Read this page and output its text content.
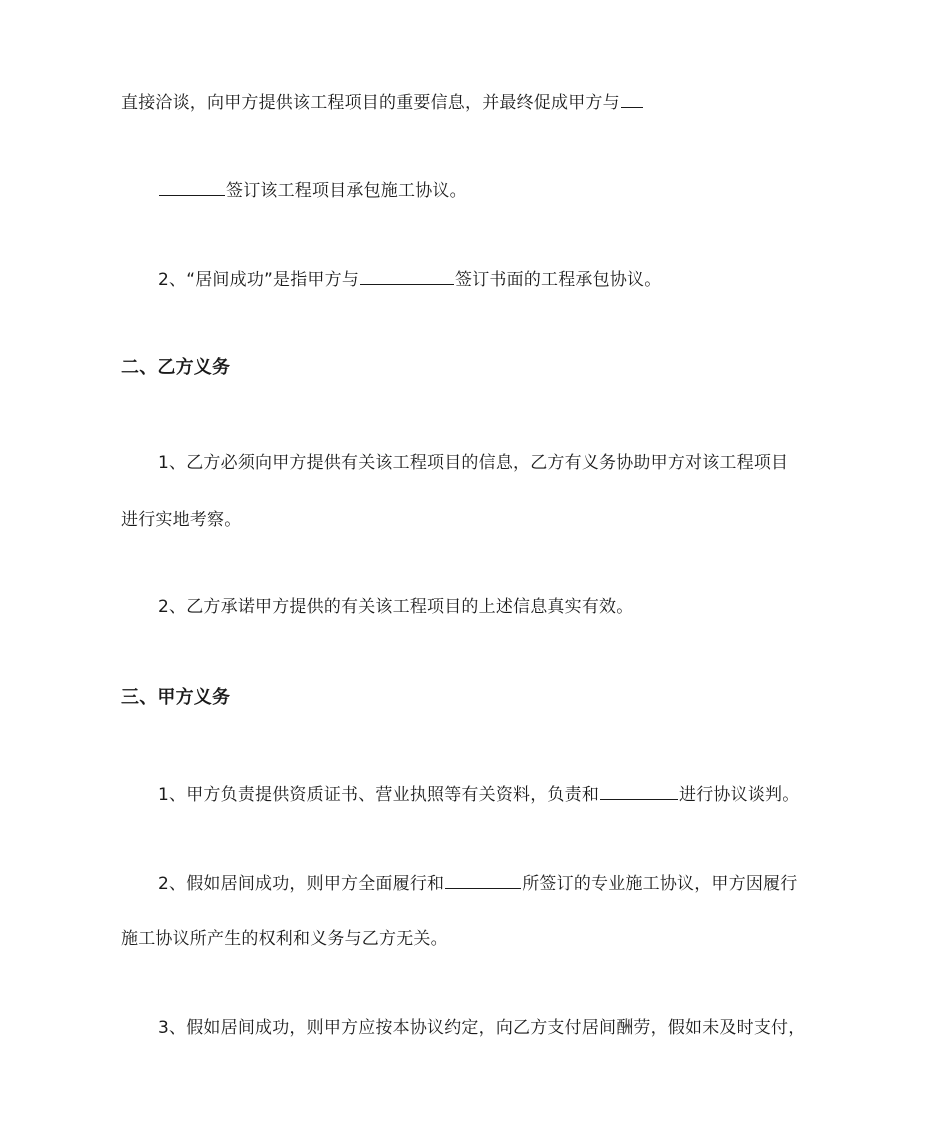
直接洽谈，向甲方提供该工程项目的重要信息，并最终促成甲方与
签订该工程项目承包施工协议。
2、“居间成功”是指甲方与	签订书面的工程承包协议。
二、乙方义务
1、乙方必须向甲方提供有关该工程项目的信息，乙方有义务协助甲方对该工程项目
进行实地考察。
2、乙方承诺甲方提供的有关该工程项目的上述信息真实有效。
三、甲方义务
1、甲方负责提供资质证书、营业执照等有关资料，负责和	进行协议谈判。
2、假如居间成功，则甲方全面履行和	所签订的专业施工协议，甲方因履行
施工协议所产生的权利和义务与乙方无关。
3、假如居间成功，则甲方应按本协议约定，向乙方支付居间酬劳，假如未及时支付，
